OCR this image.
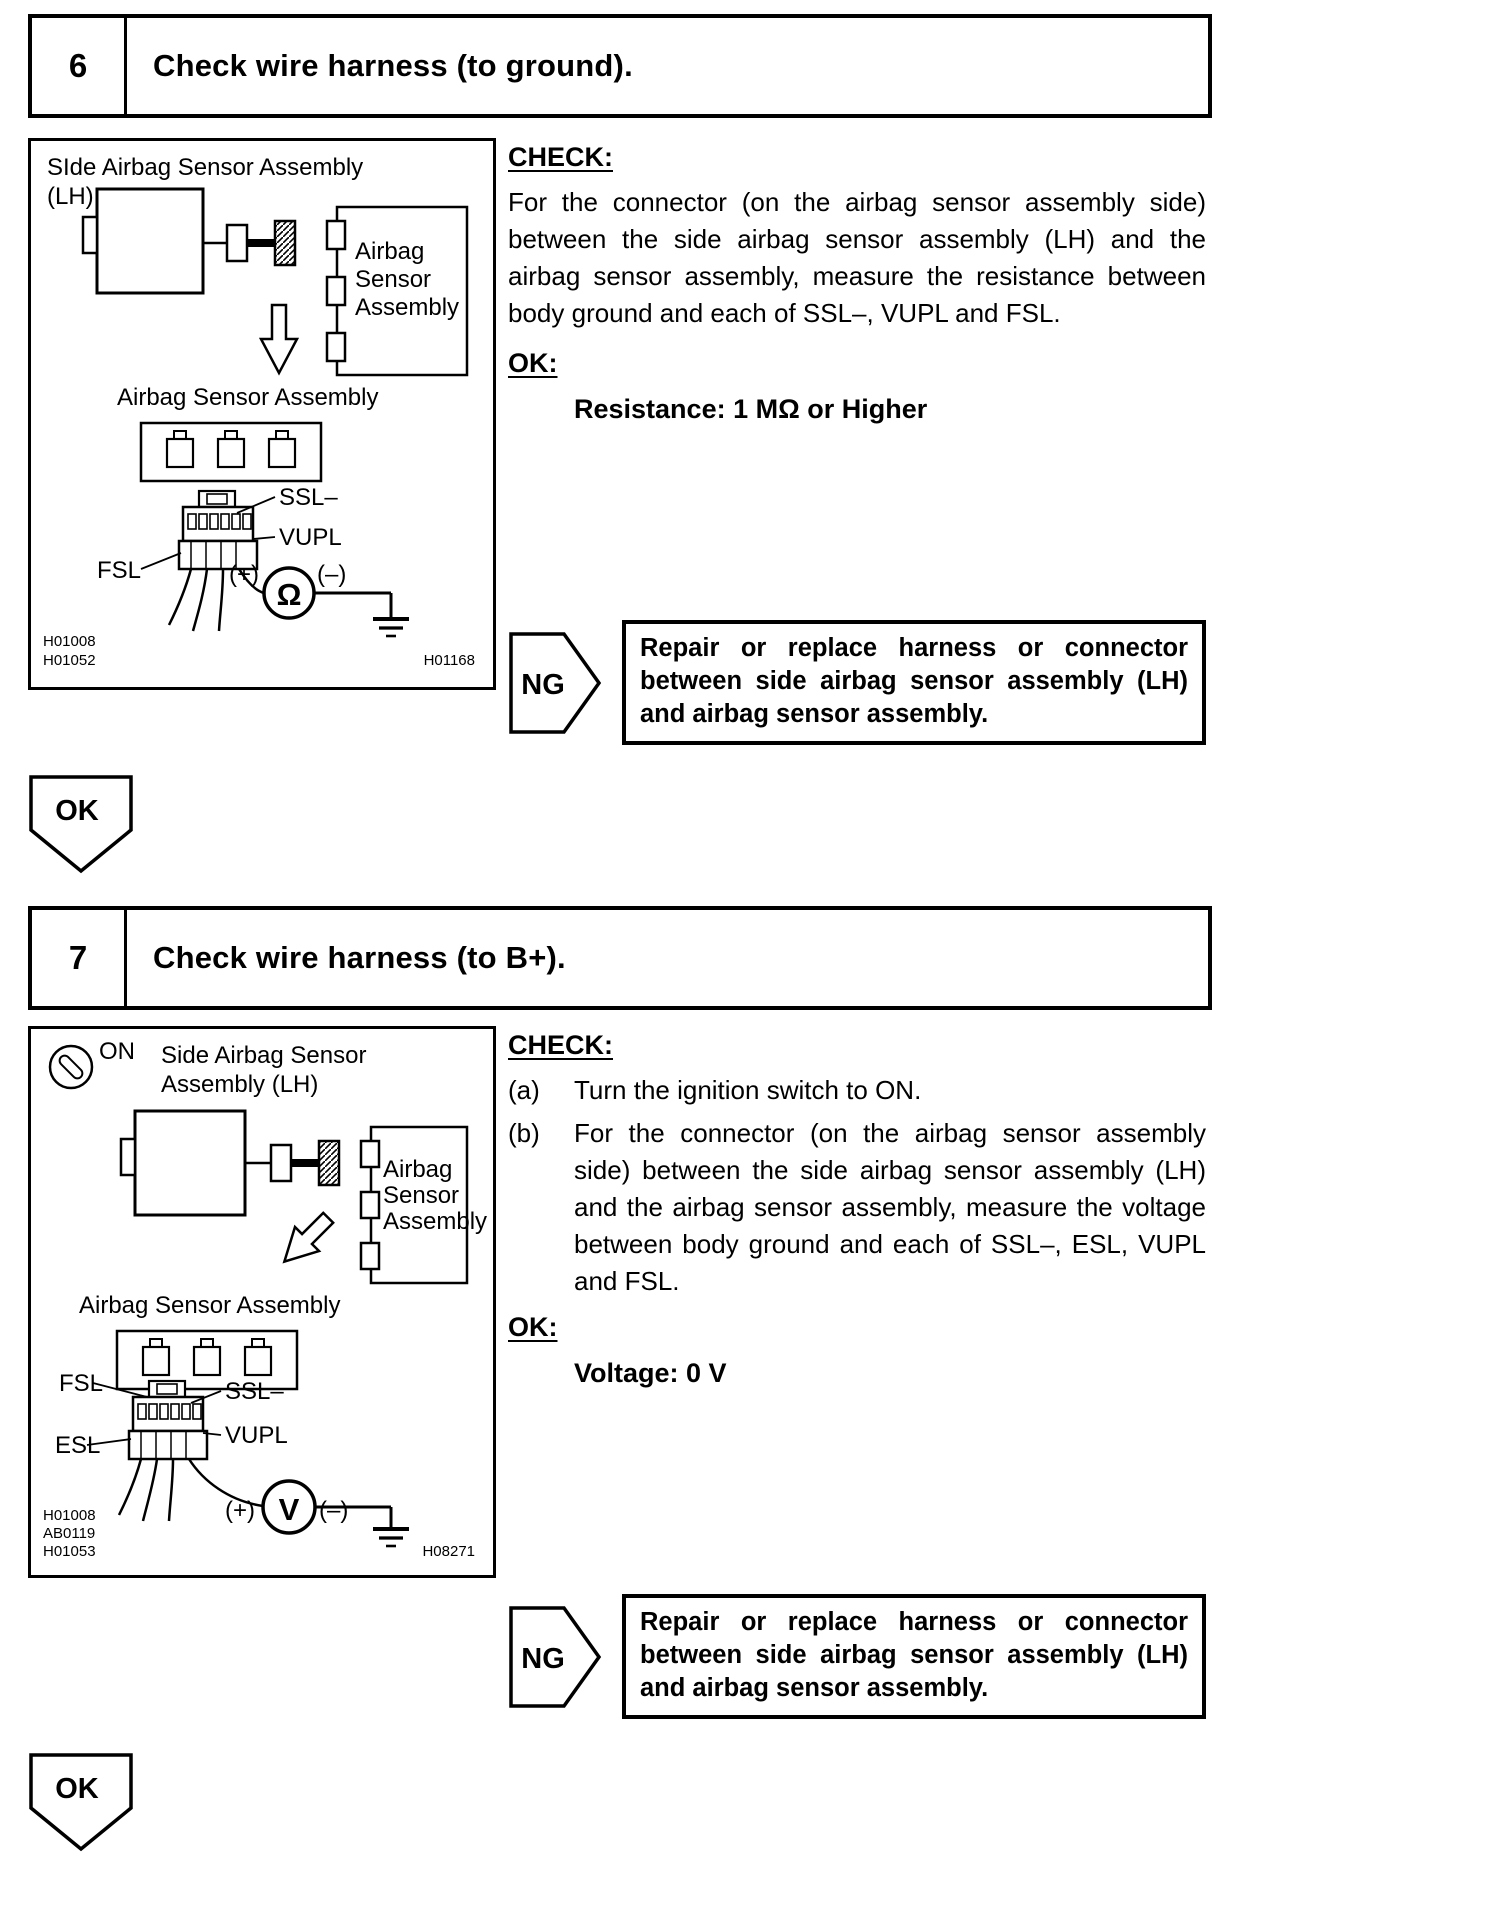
6	Check wire harness (to ground).
SIde Airbag Sensor Assembly
(LH)
Airbag
Sensor
Assembly
Airbag Sensor Assembly
SSL–
VUPL
FSL	(+)
Ω
(–)
H01008
H01052	H01168
CHECK:

For the connector (on the airbag sensor assembly side) between the side airbag sensor assembly (LH) and the airbag sensor assembly, measure the resistance between body ground and each of SSL–, VUPL and FSL.

OK:
Resistance: 1 MΩ or Higher
NG
Repair or replace harness or connector between side airbag sensor assembly (LH) and airbag sensor assembly.
OK
7	Check wire harness (to B+).
ON Side Airbag Sensor
Assembly (LH)
Airbag
Sensor
Assembly
Airbag Sensor Assembly
FSL	SSL–
ESL	VUPL
(+) V (–)
H01008
AB0119
H01053	H08271
CHECK:
(a)	Turn the ignition switch to ON.
(b)	For the connector (on the airbag sensor assembly side) between the side airbag sensor assembly (LH) and the airbag sensor assembly, measure the voltage between body ground and each of SSL–, ESL, VUPL and FSL.
OK:
Voltage: 0 V
NG
Repair or replace harness or connector between side airbag sensor assembly (LH) and airbag sensor assembly.
OK
